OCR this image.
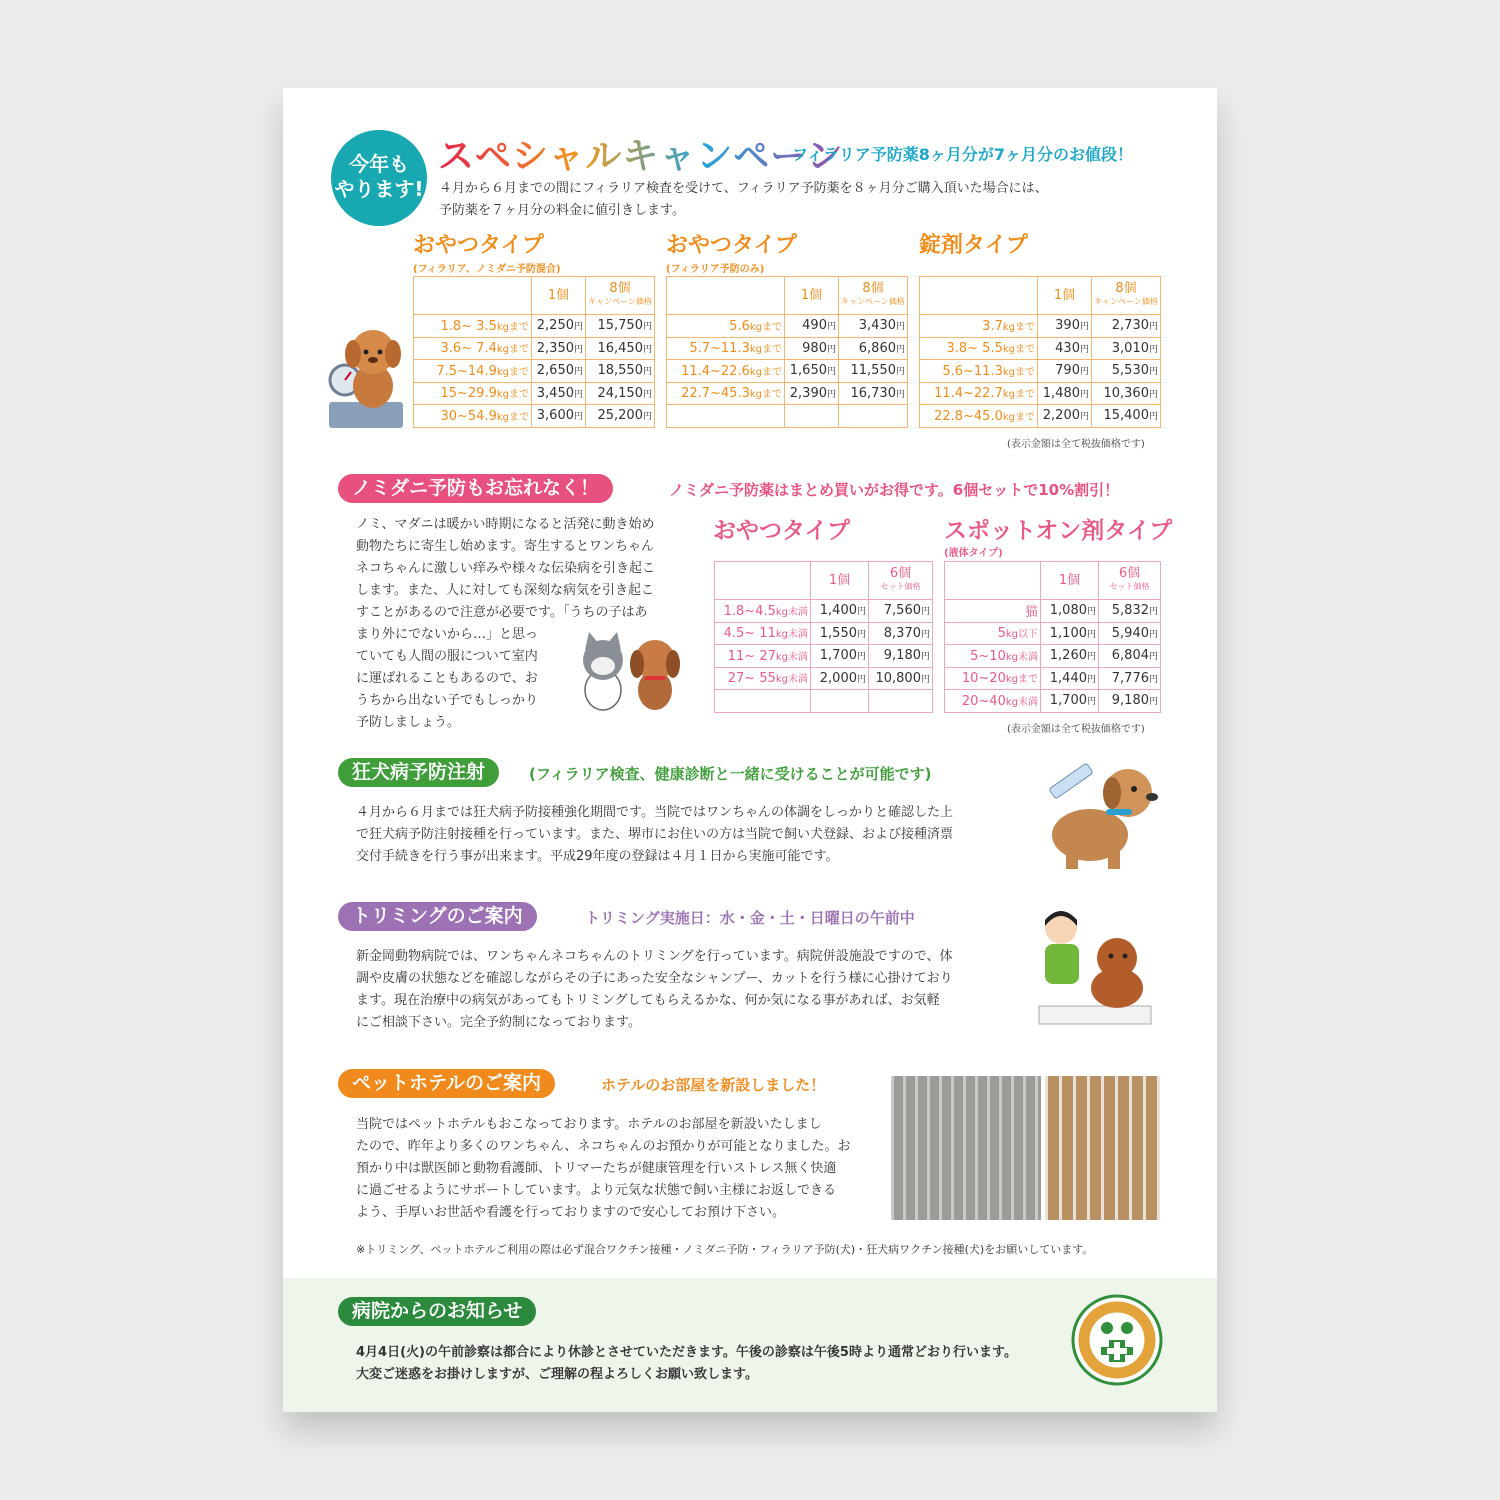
今年も
やります!
スペシャルキャンペーン
フィラリア予防薬8ヶ月分が7ヶ月分のお値段！
４月から６月までの間にフィラリア検査を受けて、フィラリア予防薬を８ヶ月分ご購入頂いた場合には、
予防薬を７ヶ月分の料金に値引きします。
おやつタイプ
(フィラリア、ノミダニ予防混合)
	1個	8個
キャンペーン価格
1.8~ 3.5kgまで	2,250円	15,750円
3.6~ 7.4kgまで	2,350円	16,450円
7.5~14.9kgまで	2,650円	18,550円
15~29.9kgまで	3,450円	24,150円
30~54.9kgまで	3,600円	25,200円
おやつタイプ
(フィラリア予防のみ)
	1個	8個
キャンペーン価格
5.6kgまで	490円	3,430円
5.7~11.3kgまで	980円	6,860円
11.4~22.6kgまで	1,650円	11,550円
22.7~45.3kgまで	2,390円	16,730円

錠剤タイプ
	1個	8個
キャンペーン価格
3.7kgまで	390円	2,730円
3.8~ 5.5kgまで	430円	3,010円
5.6~11.3kgまで	790円	5,530円
11.4~22.7kgまで	1,480円	10,360円
22.8~45.0kgまで	2,200円	15,400円
(表示金額は全て税抜価格です)
ノミダニ予防もお忘れなく！	ノミダニ予防薬はまとめ買いがお得です。6個セットで10%割引！
ノミ、マダニは暖かい時期になると活発に動き始め
動物たちに寄生し始めます。寄生するとワンちゃん
ネコちゃんに激しい痒みや様々な伝染病を引き起こ
します。また、人に対しても深刻な病気を引き起こ
すことがあるので注意が必要です。「うちの子はあ
まり外にでないから…」と思っ
ていても人間の服について室内
に運ばれることもあるので、お
うちから出ない子でもしっかり
予防しましょう。
おやつタイプ
	1個	6個
セット価格
1.8~4.5kg未満	1,400円	7,560円
4.5~ 11kg未満	1,550円	8,370円
11~ 27kg未満	1,700円	9,180円
27~ 55kg未満	2,000円	10,800円

スポットオン剤タイプ
(液体タイプ)
	1個	6個
セット価格
猫	1,080円	5,832円
5kg以下	1,100円	5,940円
5~10kg未満	1,260円	6,804円
10~20kgまで	1,440円	7,776円
20~40kg未満	1,700円	9,180円
(表示金額は全て税抜価格です)
狂犬病予防注射	(フィラリア検査、健康診断と一緒に受けることが可能です)
４月から６月までは狂犬病予防接種強化期間です。当院ではワンちゃんの体調をしっかりと確認した上
で狂犬病予防注射接種を行っています。また、堺市にお住いの方は当院で飼い犬登録、および接種済票
交付手続きを行う事が出来ます。平成29年度の登録は４月１日から実施可能です。
トリミングのご案内	トリミング実施日：水・金・土・日曜日の午前中
新金岡動物病院では、ワンちゃんネコちゃんのトリミングを行っています。病院併設施設ですので、体
調や皮膚の状態などを確認しながらその子にあった安全なシャンプー、カットを行う様に心掛けており
ます。現在治療中の病気があってもトリミングしてもらえるかな、何か気になる事があれば、お気軽
にご相談下さい。完全予約制になっております。
ペットホテルのご案内	ホテルのお部屋を新設しました！
当院ではペットホテルもおこなっております。ホテルのお部屋を新設いたしまし
たので、昨年より多くのワンちゃん、ネコちゃんのお預かりが可能となりました。お
預かり中は獣医師と動物看護師、トリマーたちが健康管理を行いストレス無く快適
に過ごせるようにサポートしています。より元気な状態で飼い主様にお返しできる
よう、手厚いお世話や看護を行っておりますので安心してお預け下さい。
※トリミング、ペットホテルご利用の際は必ず混合ワクチン接種・ノミダニ予防・フィラリア予防(犬)・狂犬病ワクチン接種(犬)をお願いしています。
病院からのお知らせ
4月4日(火)の午前診察は都合により休診とさせていただきます。午後の診察は午後5時より通常どおり行います。
大変ご迷惑をお掛けしますが、ご理解の程よろしくお願い致します。
